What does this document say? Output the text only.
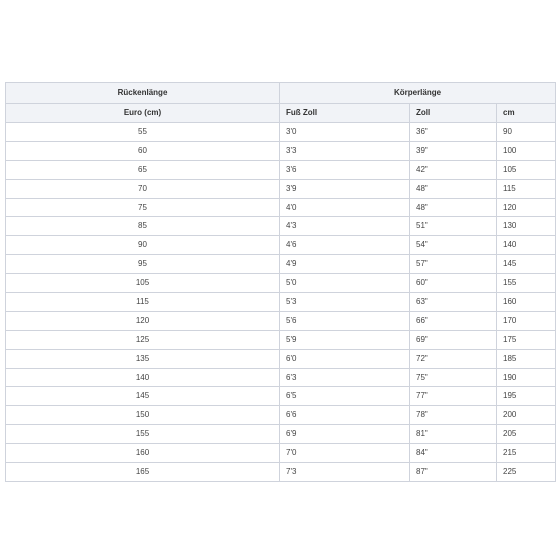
Rückenlänge	Körperlänge		
Euro (cm)	Fuß Zoll	Zoll	cm
55	3'0	36"	90
60	3'3	39"	100
65	3'6	42"	105
70	3'9	48"	115
75	4'0	48"	120
85	4'3	51"	130
90	4'6	54"	140
95	4'9	57"	145
105	5'0	60"	155
115	5'3	63"	160
120	5'6	66"	170
125	5'9	69"	175
135	6'0	72"	185
140	6'3	75"	190
145	6'5	77"	195
150	6'6	78"	200
155	6'9	81"	205
160	7'0	84"	215
165	7'3	87"	225
